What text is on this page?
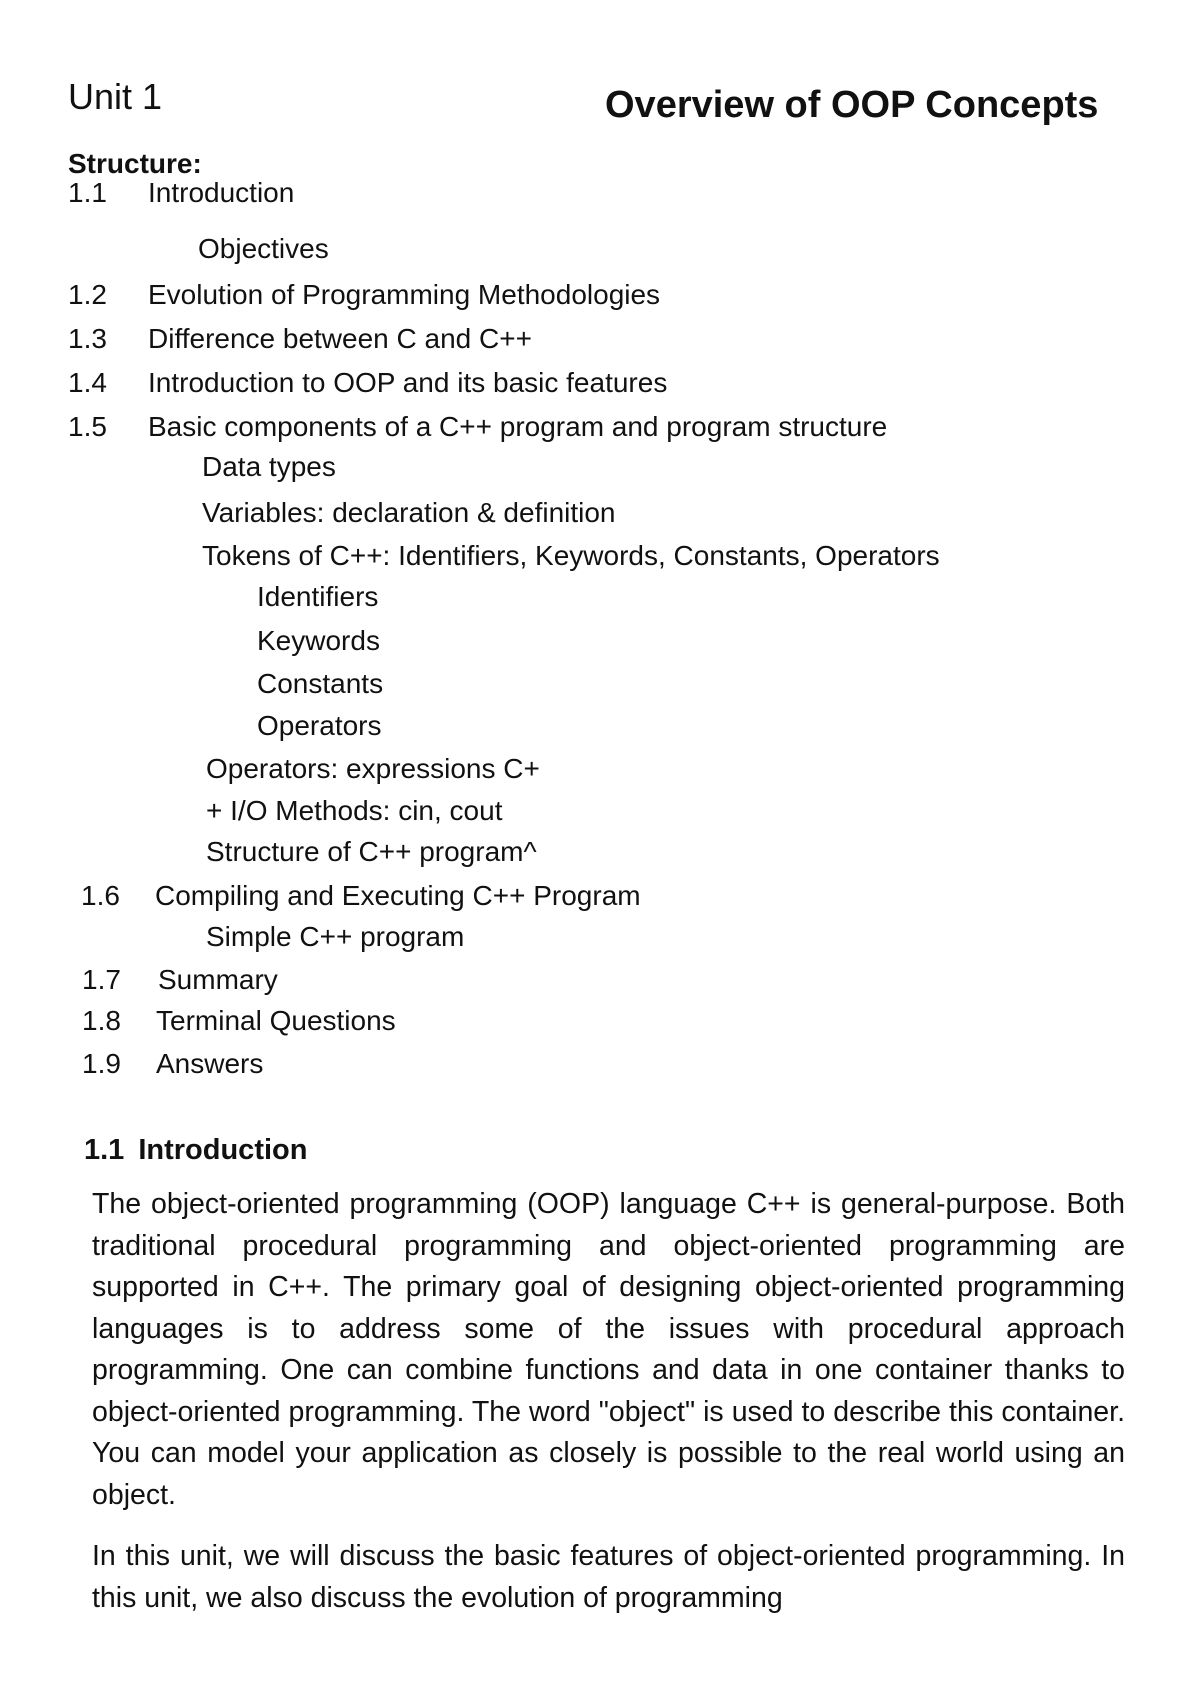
Unit 1	Overview of OOP Concepts
Structure:
1.1 Introduction
Objectives
1.2 Evolution of Programming Methodologies
1.3 Difference between C and C++
1.4 Introduction to OOP and its basic features
1.5 Basic components of a C++ program and program structure
Data types
Variables: declaration & definition
Tokens of C++: Identifiers, Keywords, Constants, Operators
Identifiers
Keywords
Constants
Operators
Operators: expressions C+
+ I/O Methods: cin, cout
Structure of C++ program^
1.6 Compiling and Executing C++ Program
Simple C++ program
1.7 Summary
1.8 Terminal Questions
1.9 Answers
1.1 Introduction

The object-oriented programming (OOP) language C++ is general-purpose. Both traditional procedural programming and object-oriented programming are supported in C++. The primary goal of designing object-oriented programming languages is to address some of the issues with procedural approach programming. One can combine functions and data in one container thanks to object-oriented programming. The word "object" is used to describe this container. You can model your application as closely is possible to the real world using an object.

In this unit, we will discuss the basic features of object-oriented programming. In this unit, we also discuss the evolution of programming
